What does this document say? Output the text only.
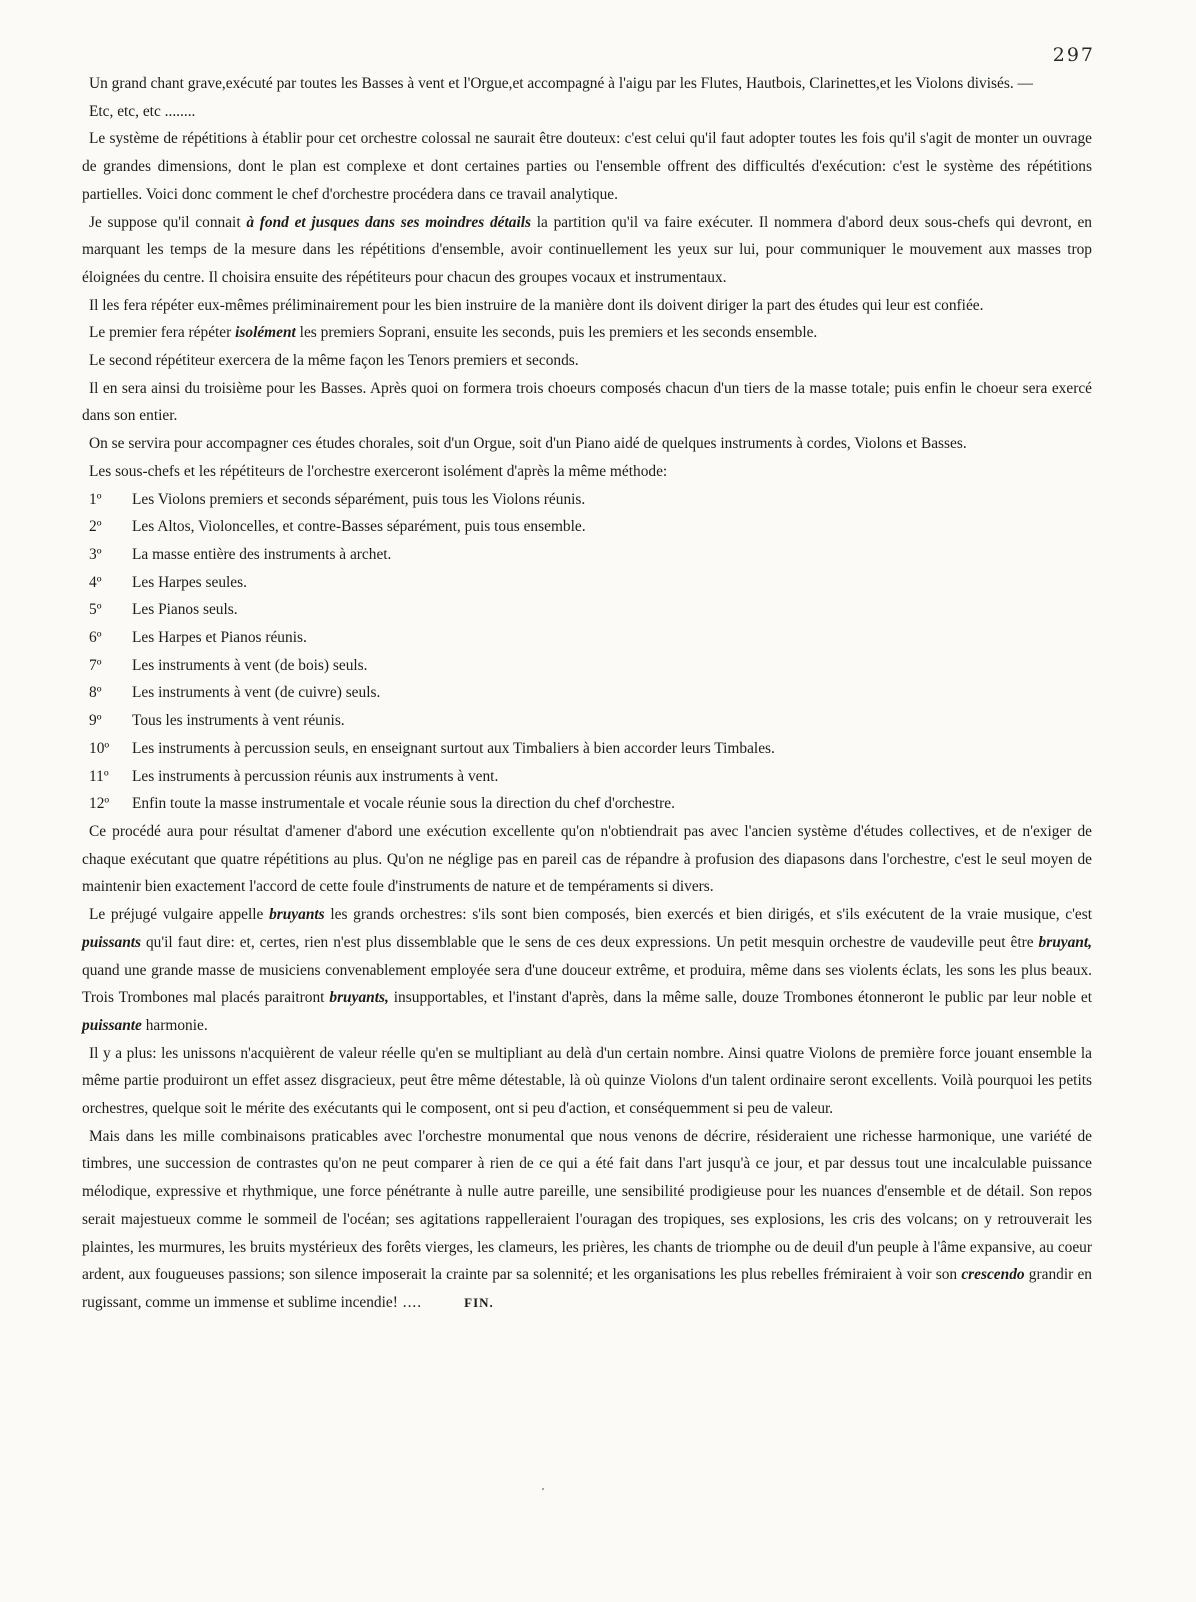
297

Un grand chant grave,exécuté par toutes les Basses à vent et l'Orgue,et accompagné à l'aigu par les Flutes, Hautbois, Clarinettes,et les Violons divisés. —

Etc, etc, etc ........

Le système de répétitions à établir pour cet orchestre colossal ne saurait être douteux: c'est celui qu'il faut adopter toutes les fois qu'il s'agit de monter un ouvrage de grandes dimensions, dont le plan est complexe et dont certaines parties ou l'ensemble offrent des difficultés d'exécution: c'est le système des répétitions partielles. Voici donc comment le chef d'orchestre procédera dans ce travail analytique.

Je suppose qu'il connait à fond et jusques dans ses moindres détails la partition qu'il va faire exécuter. Il nommera d'abord deux sous-chefs qui devront, en marquant les temps de la mesure dans les répétitions d'ensemble, avoir continuellement les yeux sur lui, pour communiquer le mouvement aux masses trop éloignées du centre. Il choisira ensuite des répétiteurs pour chacun des groupes vocaux et instrumentaux.

Il les fera répéter eux-mêmes préliminairement pour les bien instruire de la manière dont ils doivent diriger la part des études qui leur est confiée.

Le premier fera répéter isolément les premiers Soprani, ensuite les seconds, puis les premiers et les seconds ensemble.

Le second répétiteur exercera de la même façon les Tenors premiers et seconds.

Il en sera ainsi du troisième pour les Basses. Après quoi on formera trois choeurs composés chacun d'un tiers de la masse totale; puis enfin le choeur sera exercé dans son entier.

On se servira pour accompagner ces études chorales, soit d'un Orgue, soit d'un Piano aidé de quelques instruments à cordes, Violons et Basses.

Les sous-chefs et les répétiteurs de l'orchestre exerceront isolément d'après la même méthode:

1º	Les Violons premiers et seconds séparément, puis tous les Violons réunis.
2º	Les Altos, Violoncelles, et contre-Basses séparément, puis tous ensemble.
3º	La masse entière des instruments à archet.
4º	Les Harpes seules.
5º	Les Pianos seuls.
6º	Les Harpes et Pianos réunis.
7º	Les instruments à vent (de bois) seuls.
8º	Les instruments à vent (de cuivre) seuls.
9º	Tous les instruments à vent réunis.
10º	Les instruments à percussion seuls, en enseignant surtout aux Timbaliers à bien accorder leurs Timbales.
11º	Les instruments à percussion réunis aux instruments à vent.
12º	Enfin toute la masse instrumentale et vocale réunie sous la direction du chef d'orchestre.

Ce procédé aura pour résultat d'amener d'abord une exécution excellente qu'on n'obtiendrait pas avec l'ancien système d'études collectives, et de n'exiger de chaque exécutant que quatre répétitions au plus. Qu'on ne néglige pas en pareil cas de répandre à profusion des diapasons dans l'orchestre, c'est le seul moyen de maintenir bien exactement l'accord de cette foule d'instruments de nature et de tempéraments si divers.

Le préjugé vulgaire appelle bruyants les grands orchestres: s'ils sont bien composés, bien exercés et bien dirigés, et s'ils exécutent de la vraie musique, c'est puissants qu'il faut dire: et, certes, rien n'est plus dissemblable que le sens de ces deux expressions. Un petit mesquin orchestre de vaudeville peut être bruyant, quand une grande masse de musiciens convenablement employée sera d'une douceur extrême, et produira, même dans ses violents éclats, les sons les plus beaux. Trois Trombones mal placés paraitront bruyants, insupportables, et l'instant d'après, dans la même salle, douze Trombones étonneront le public par leur noble et puissante harmonie.

Il y a plus: les unissons n'acquièrent de valeur réelle qu'en se multipliant au delà d'un certain nombre. Ainsi quatre Violons de première force jouant ensemble la même partie produiront un effet assez disgracieux, peut être même détestable, là où quinze Violons d'un talent ordinaire seront excellents. Voilà pourquoi les petits orchestres, quelque soit le mérite des exécutants qui le composent, ont si peu d'action, et conséquemment si peu de valeur.

Mais dans les mille combinaisons praticables avec l'orchestre monumental que nous venons de décrire, résideraient une richesse harmonique, une variété de timbres, une succession de contrastes qu'on ne peut comparer à rien de ce qui a été fait dans l'art jusqu'à ce jour, et par dessus tout une incalculable puissance mélodique, expressive et rhythmique, une force pénétrante à nulle autre pareille, une sensibilité prodigieuse pour les nuances d'ensemble et de détail. Son repos serait majestueux comme le sommeil de l'océan; ses agitations rappelleraient l'ouragan des tropiques, ses explosions, les cris des volcans; on y retrouverait les plaintes, les murmures, les bruits mystérieux des forêts vierges, les clameurs, les prières, les chants de triomphe ou de deuil d'un peuple à l'âme expansive, au coeur ardent, aux fougueuses passions; son silence imposerait la crainte par sa solennité; et les organisations les plus rebelles frémiraient à voir son crescendo grandir en rugissant, comme un immense et sublime incendie! ....	FIN.
